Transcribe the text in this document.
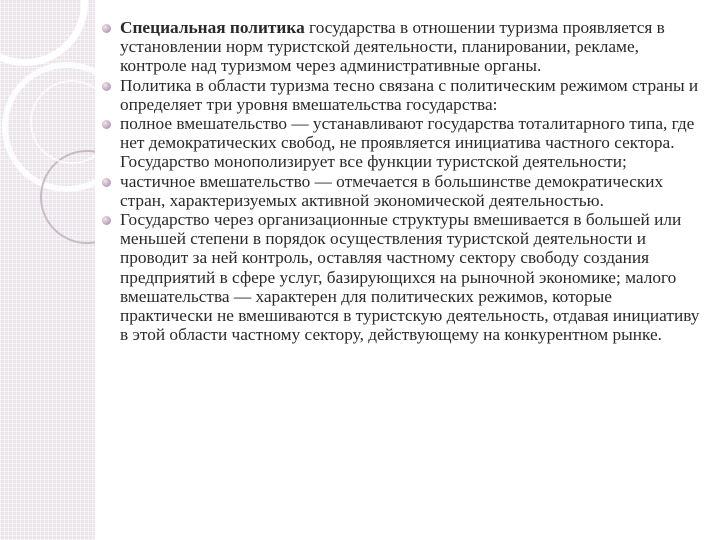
Специальная политика государства в отношении туризма проявляется в установлении норм туристской деятельности, планировании, рекламе, контроле над туризмом через административные органы.
Политика в области туризма тесно связана с политическим режимом страны и определяет три уровня вмешательства государства:
полное вмешательство — устанавливают государства тоталитарного типа, где нет демократических свобод, не проявляется инициатива частного сектора. Государство монополизирует все функции туристской деятельности;
частичное вмешательство — отмечается в большинстве демократических стран, характеризуемых активной экономической деятельностью.
Государство через организационные структуры вмешивается в большей или меньшей степени в порядок осуществления туристской деятельности и проводит за ней контроль, оставляя частному сектору свободу создания предприятий в сфере услуг, базирующихся на рыночной экономике; малого вмешательства — характерен для политических режимов, которые практически не вмешиваются в туристскую деятельность, отдавая инициативу в этой области частному сектору, действующему на конкурентном рынке.
